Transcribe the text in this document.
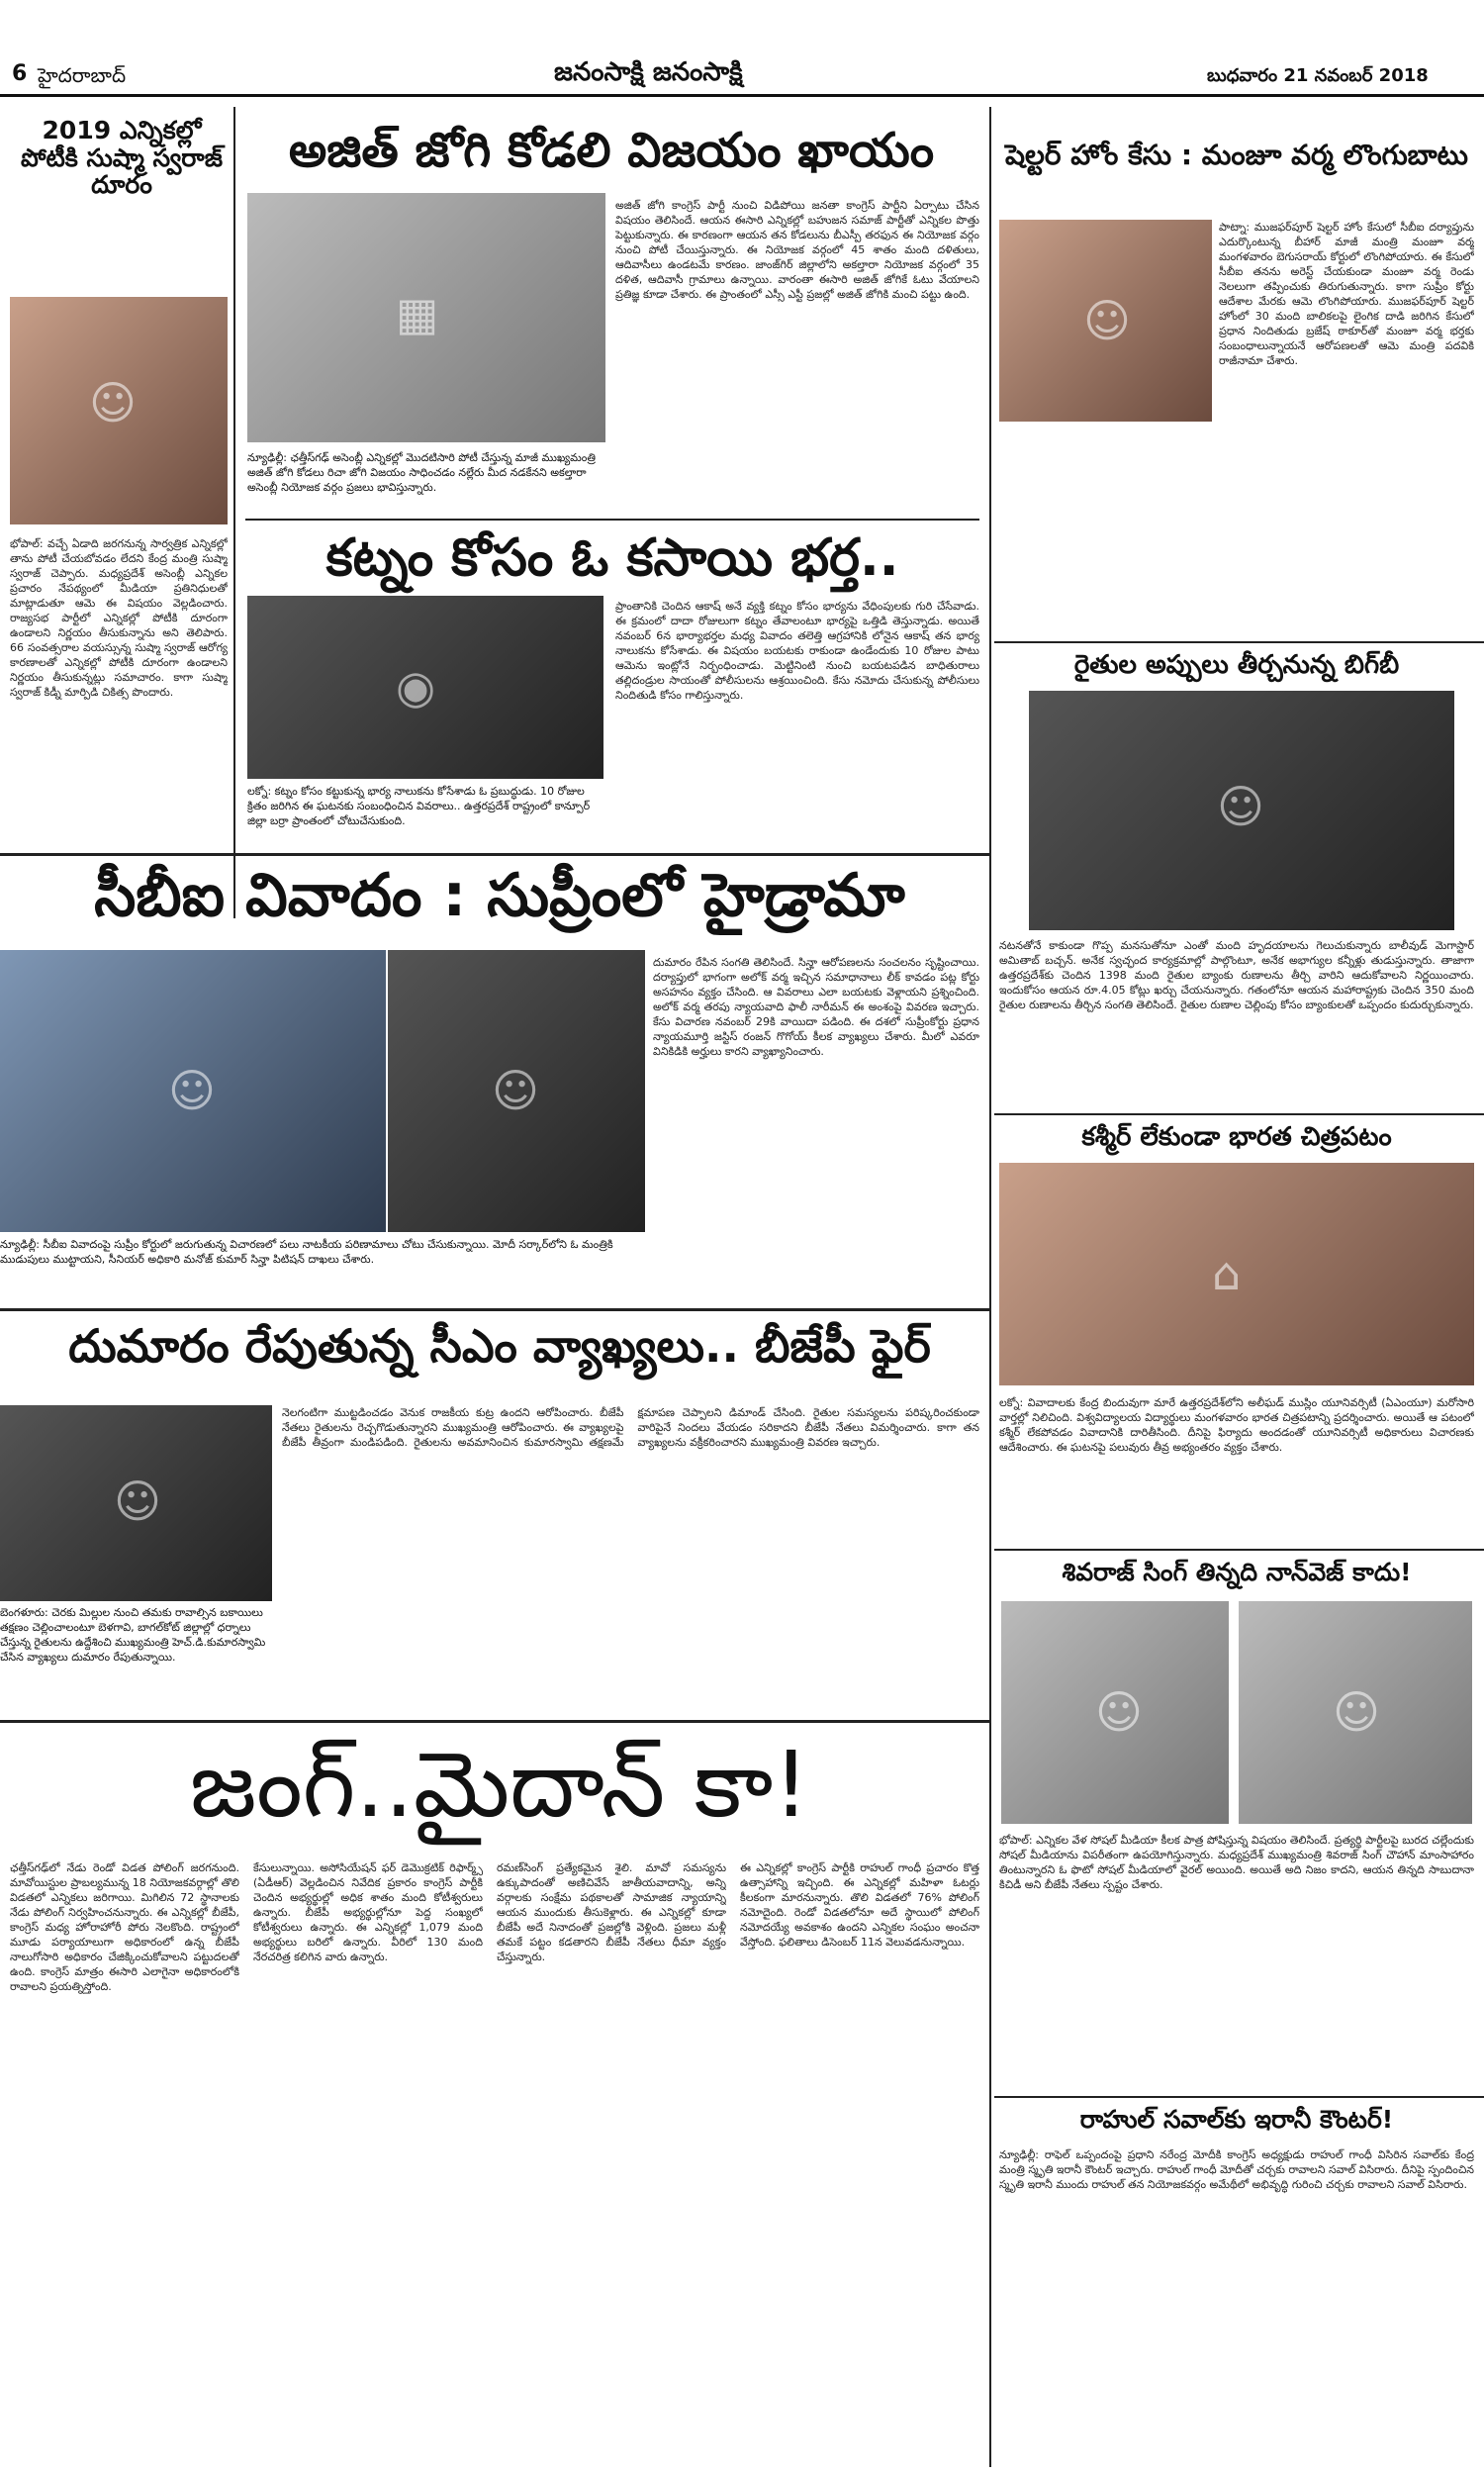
6 హైదరాబాద్	జనంసాక్షి జనంసాక్షి	బుధవారం 21 నవంబర్ 2018
2019 ఎన్నికల్లో పోటీకి సుష్మా స్వరాజ్ దూరం
☺
భోపాల్: వచ్చే ఏడాది జరగనున్న సార్వత్రిక ఎన్నికల్లో తాను పోటీ చేయబోవడం లేదని కేంద్ర మంత్రి సుష్మా స్వరాజ్ చెప్పారు. మధ్యప్రదేశ్ అసెంబ్లీ ఎన్నికల ప్రచారం నేపథ్యంలో మీడియా ప్రతినిధులతో మాట్లాడుతూ ఆమె ఈ విషయం వెల్లడించారు. రాజ్యసభ పార్టీలో ఎన్నికల్లో పోటీకి దూరంగా ఉండాలని నిర్ణయం తీసుకున్నాను అని తెలిపారు. 66 సంవత్సరాల వయస్సున్న సుష్మా స్వరాజ్ ఆరోగ్య కారణాలతో ఎన్నికల్లో పోటీకి దూరంగా ఉండాలని నిర్ణయం తీసుకున్నట్లు సమాచారం. కాగా సుష్మా స్వరాజ్ కిడ్నీ మార్పిడి చికిత్స పొందారు.
అజిత్ జోగి కోడలి విజయం ఖాయం
▦
న్యూఢిల్లీ: ఛత్తీస్‌గఢ్ అసెంబ్లీ ఎన్నికల్లో మొదటిసారి పోటీ చేస్తున్న మాజీ ముఖ్యమంత్రి అజిత్ జోగి కోడలు రిచా జోగి విజయం సాధించడం నల్లేరు మీద నడకేనని అకల్తారా అసెంబ్లీ నియోజక వర్గం ప్రజలు భావిస్తున్నారు.
అజిత్ జోగి కాంగ్రెస్ పార్టీ నుంచి విడిపోయి జనతా కాంగ్రెస్ పార్టీని ఏర్పాటు చేసిన విషయం తెలిసిందే. ఆయన ఈసారి ఎన్నికల్లో బహుజన సమాజ్ పార్టీతో ఎన్నికల పొత్తు పెట్టుకున్నారు. ఈ కారణంగా ఆయన తన కోడలును బీఎస్పీ తరఫున ఈ నియోజక వర్గం నుంచి పోటీ చేయిస్తున్నారు. ఈ నియోజక వర్గంలో 45 శాతం మంది దళితులు, ఆదివాసీలు ఉండటమే కారణం. జాంజ్‌గిర్ జిల్లాలోని అకల్తారా నియోజక వర్గంలో 35 దళిత, ఆదివాసీ గ్రామాలు ఉన్నాయి. వారంతా ఈసారి అజిత్ జోగికే ఓటు వేయాలని ప్రతిజ్ఞ కూడా చేశారు. ఈ ప్రాంతంలో ఎస్సీ ఎస్టీ ప్రజల్లో అజిత్ జోగికి మంచి పట్టు ఉంది.
కట్నం కోసం ఓ కసాయి భర్త..
◉
లక్నో: కట్నం కోసం కట్టుకున్న భార్య నాలుకను కోసేశాడు ఓ ప్రబుద్ధుడు. 10 రోజుల క్రితం జరిగిన ఈ ఘటనకు సంబంధించిన వివరాలు.. ఉత్తరప్రదేశ్ రాష్ట్రంలో కాన్పూర్ జిల్లా బర్రా ప్రాంతంలో చోటుచేసుకుంది.
ప్రాంతానికి చెందిన ఆకాష్ అనే వ్యక్తి కట్నం కోసం భార్యను వేధింపులకు గురి చేసేవాడు. ఈ క్రమంలో దాదా రోజులుగా కట్నం తేవాలంటూ భార్యపై ఒత్తిడి తెస్తున్నాడు. అయితే నవంబర్ 6న భార్యాభర్తల మధ్య వివాదం తలెత్తి ఆగ్రహానికి లోనైన ఆకాష్ తన భార్య నాలుకను కోసేశాడు. ఈ విషయం బయటకు రాకుండా ఉండేందుకు 10 రోజుల పాటు ఆమెను ఇంట్లోనే నిర్బంధించాడు. మెట్టినింటి నుంచి బయటపడిన బాధితురాలు తల్లిదండ్రుల సాయంతో పోలీసులను ఆశ్రయించింది. కేసు నమోదు చేసుకున్న పోలీసులు నిందితుడి కోసం గాలిస్తున్నారు.
సీబీఐ వివాదం : సుప్రీంలో హైడ్రామా
☺	☺
న్యూఢిల్లీ: సీబీఐ వివాదంపై సుప్రీం కోర్టులో జరుగుతున్న విచారణలో పలు నాటకీయ పరిణామాలు చోటు చేసుకున్నాయి. మోదీ సర్కార్‌లోని ఓ మంత్రికి ముడుపులు ముట్టాయని, సీనియర్ అధికారి మనోజ్ కుమార్ సిన్హా పిటిషన్ దాఖలు చేశారు.
దుమారం రేపిన సంగతి తెలిసిందే. సిన్హా ఆరోపణలను సంచలనం సృష్టించాయి. దర్యాప్తులో భాగంగా అలోక్ వర్మ ఇచ్చిన సమాధానాలు లీక్ కావడం పట్ల కోర్టు అసహనం వ్యక్తం చేసింది. ఆ వివరాలు ఎలా బయటకు వెళ్లాయని ప్రశ్నించింది. అలోక్ వర్మ తరపు న్యాయవాది ఫాలీ నారీమన్ ఈ అంశంపై వివరణ ఇచ్చారు. కేసు విచారణ నవంబర్ 29కి వాయిదా పడింది. ఈ దశలో సుప్రీంకోర్టు ప్రధాన న్యాయమూర్తి జస్టిస్ రంజన్ గొగోయ్ కీలక వ్యాఖ్యలు చేశారు. మీలో ఎవరూ వినికిడికి అర్హులు కారని వ్యాఖ్యానించారు.
దుమారం రేపుతున్న సీఎం వ్యాఖ్యలు.. బీజేపీ ఫైర్
☺
బెంగళూరు: చెరకు మిల్లుల నుంచి తమకు రావాల్సిన బకాయిలు తక్షణం చెల్లించాలంటూ బెళగావి, బాగల్‌కోట్ జిల్లాల్లో ధర్నాలు చేస్తున్న రైతులను ఉద్దేశించి ముఖ్యమంత్రి హెచ్.డి.కుమారస్వామి చేసిన వ్యాఖ్యలు దుమారం రేపుతున్నాయి.
నెలగంటిగా ముట్టడించడం వెనుక రాజకీయ కుట్ర ఉందని ఆరోపించారు. బీజేపీ నేతలు రైతులను రెచ్చగొడుతున్నారని ముఖ్యమంత్రి ఆరోపించారు. ఈ వ్యాఖ్యలపై బీజేపీ తీవ్రంగా మండిపడింది. రైతులను అవమానించిన కుమారస్వామి తక్షణమే క్షమాపణ చెప్పాలని డిమాండ్ చేసింది. రైతుల సమస్యలను పరిష్కరించకుండా వారిపైనే నిందలు వేయడం సరికాదని బీజేపీ నేతలు విమర్శించారు. కాగా తన వ్యాఖ్యలను వక్రీకరించారని ముఖ్యమంత్రి వివరణ ఇచ్చారు.
జంగ్..మైదాన్ కా!
ఛత్తీస్‌గఢ్‌లో నేడు రెండో విడత పోలింగ్ జరగనుంది. మావోయిస్టుల ప్రాబల్యమున్న 18 నియోజకవర్గాల్లో తొలి విడతలో ఎన్నికలు జరిగాయి. మిగిలిన 72 స్థానాలకు నేడు పోలింగ్ నిర్వహించనున్నారు. ఈ ఎన్నికల్లో బీజేపీ, కాంగ్రెస్ మధ్య హోరాహోరీ పోరు నెలకొంది. రాష్ట్రంలో మూడు పర్యాయాలుగా అధికారంలో ఉన్న బీజేపీ నాలుగోసారి అధికారం చేజిక్కించుకోవాలని పట్టుదలతో ఉంది. కాంగ్రెస్ మాత్రం ఈసారి ఎలాగైనా అధికారంలోకి రావాలని ప్రయత్నిస్తోంది.
కేసులున్నాయి. అసోసియేషన్ ఫర్ డెమొక్రటిక్ రిఫార్మ్స్ (ఏడీఆర్) వెల్లడించిన నివేదిక ప్రకారం కాంగ్రెస్ పార్టీకి చెందిన అభ్యర్థుల్లో అధిక శాతం మంది కోటీశ్వరులు ఉన్నారు. బీజేపీ అభ్యర్థుల్లోనూ పెద్ద సంఖ్యలో కోటీశ్వరులు ఉన్నారు. ఈ ఎన్నికల్లో 1,079 మంది అభ్యర్థులు బరిలో ఉన్నారు. వీరిలో 130 మంది నేరచరిత్ర కలిగిన వారు ఉన్నారు.
రమణ్‌సింగ్ ప్రత్యేకమైన శైలి. మావో సమస్యను ఉక్కుపాదంతో అణిచివేసే జాతీయవాదాన్ని, అన్ని వర్గాలకు సంక్షేమ పథకాలతో సామాజిక న్యాయాన్ని ఆయన ముందుకు తీసుకెళ్లారు. ఈ ఎన్నికల్లో కూడా బీజేపీ అదే నినాదంతో ప్రజల్లోకి వెళ్లింది. ప్రజలు మళ్లీ తమకే పట్టం కడతారని బీజేపీ నేతలు ధీమా వ్యక్తం చేస్తున్నారు.
ఈ ఎన్నికల్లో కాంగ్రెస్ పార్టీకి రాహుల్ గాంధీ ప్రచారం కొత్త ఉత్సాహాన్ని ఇచ్చింది. ఈ ఎన్నికల్లో మహిళా ఓటర్లు కీలకంగా మారనున్నారు. తొలి విడతలో 76% పోలింగ్ నమోదైంది. రెండో విడతలోనూ అదే స్థాయిలో పోలింగ్ నమోదయ్యే అవకాశం ఉందని ఎన్నికల సంఘం అంచనా వేస్తోంది. ఫలితాలు డిసెంబర్ 11న వెలువడనున్నాయి.
షెల్టర్ హోం కేసు : మంజూ వర్మ లొంగుబాటు
☺
పాట్నా: ముజఫర్‌పూర్ షెల్టర్ హోం కేసులో సీబీఐ దర్యాప్తును ఎదుర్కొంటున్న బీహార్ మాజీ మంత్రి మంజూ వర్మ మంగళవారం బెగుసరాయ్ కోర్టులో లొంగిపోయారు. ఈ కేసులో సీబీఐ తనను అరెస్ట్ చేయకుండా మంజూ వర్మ రెండు నెలలుగా తప్పించుకు తిరుగుతున్నారు. కాగా సుప్రీం కోర్టు ఆదేశాల మేరకు ఆమె లొంగిపోయారు. ముజఫర్‌పూర్ షెల్టర్ హోంలో 30 మంది బాలికలపై లైంగిక దాడి జరిగిన కేసులో ప్రధాన నిందితుడు బ్రజేష్ ఠాకూర్‌తో మంజూ వర్మ భర్తకు సంబంధాలున్నాయనే ఆరోపణలతో ఆమె మంత్రి పదవికి రాజీనామా చేశారు.
రైతుల అప్పులు తీర్చనున్న బిగ్‌బీ
☺
నటనతోనే కాకుండా గొప్ప మనసుతోనూ ఎంతో మంది హృదయాలను గెలుచుకున్నారు బాలీవుడ్ మెగాస్టార్ అమితాబ్ బచ్చన్. అనేక స్వచ్ఛంద కార్యక్రమాల్లో పాల్గొంటూ, అనేక అభాగ్యుల కన్నీళ్లు తుడుస్తున్నారు. తాజాగా ఉత్తరప్రదేశ్‌కు చెందిన 1398 మంది రైతుల బ్యాంకు రుణాలను తీర్చి వారిని ఆదుకోవాలని నిర్ణయించారు. ఇందుకోసం ఆయన రూ.4.05 కోట్లు ఖర్చు చేయనున్నారు. గతంలోనూ ఆయన మహారాష్ట్రకు చెందిన 350 మంది రైతుల రుణాలను తీర్చిన సంగతి తెలిసిందే. రైతుల రుణాల చెల్లింపు కోసం బ్యాంకులతో ఒప్పందం కుదుర్చుకున్నారు.
కశ్మీర్ లేకుండా భారత చిత్రపటం
⌂
లక్నో: వివాదాలకు కేంద్ర బిందువుగా మారే ఉత్తరప్రదేశ్‌లోని అలీఘడ్ ముస్లిం యూనివర్సిటీ (ఏఎంయూ) మరోసారి వార్తల్లో నిలిచింది. విశ్వవిద్యాలయ విద్యార్థులు మంగళవారం భారత చిత్రపటాన్ని ప్రదర్శించారు. అయితే ఆ పటంలో కశ్మీర్ లేకపోవడం వివాదానికి దారితీసింది. దీనిపై ఫిర్యాదు అందడంతో యూనివర్సిటీ అధికారులు విచారణకు ఆదేశించారు. ఈ ఘటనపై పలువురు తీవ్ర అభ్యంతరం వ్యక్తం చేశారు.
శివరాజ్ సింగ్ తిన్నది నాన్‌వెజ్ కాదు!
☺	☺
భోపాల్: ఎన్నికల వేళ సోషల్ మీడియా కీలక పాత్ర పోషిస్తున్న విషయం తెలిసిందే. ప్రత్యర్థి పార్టీలపై బురద చల్లేందుకు సోషల్ మీడియాను విపరీతంగా ఉపయోగిస్తున్నారు. మధ్యప్రదేశ్ ముఖ్యమంత్రి శివరాజ్ సింగ్ చౌహాన్ మాంసాహారం తింటున్నారని ఓ ఫొటో సోషల్ మీడియాలో వైరల్ అయింది. అయితే అది నిజం కాదని, ఆయన తిన్నది సాబుదానా కిచిడీ అని బీజేపీ నేతలు స్పష్టం చేశారు.
రాహుల్ సవాల్‌కు ఇరానీ కౌంటర్!
న్యూఢిల్లీ: రాఫెల్ ఒప్పందంపై ప్రధాని నరేంద్ర మోదీకి కాంగ్రెస్ అధ్యక్షుడు రాహుల్ గాంధీ విసిరిన సవాల్‌కు కేంద్ర మంత్రి స్మృతి ఇరానీ కౌంటర్ ఇచ్చారు. రాహుల్ గాంధీ మోదీతో చర్చకు రావాలని సవాల్ విసిరారు. దీనిపై స్పందించిన స్మృతి ఇరానీ ముందు రాహుల్ తన నియోజకవర్గం అమేథీలో అభివృద్ధి గురించి చర్చకు రావాలని సవాల్ విసిరారు.
